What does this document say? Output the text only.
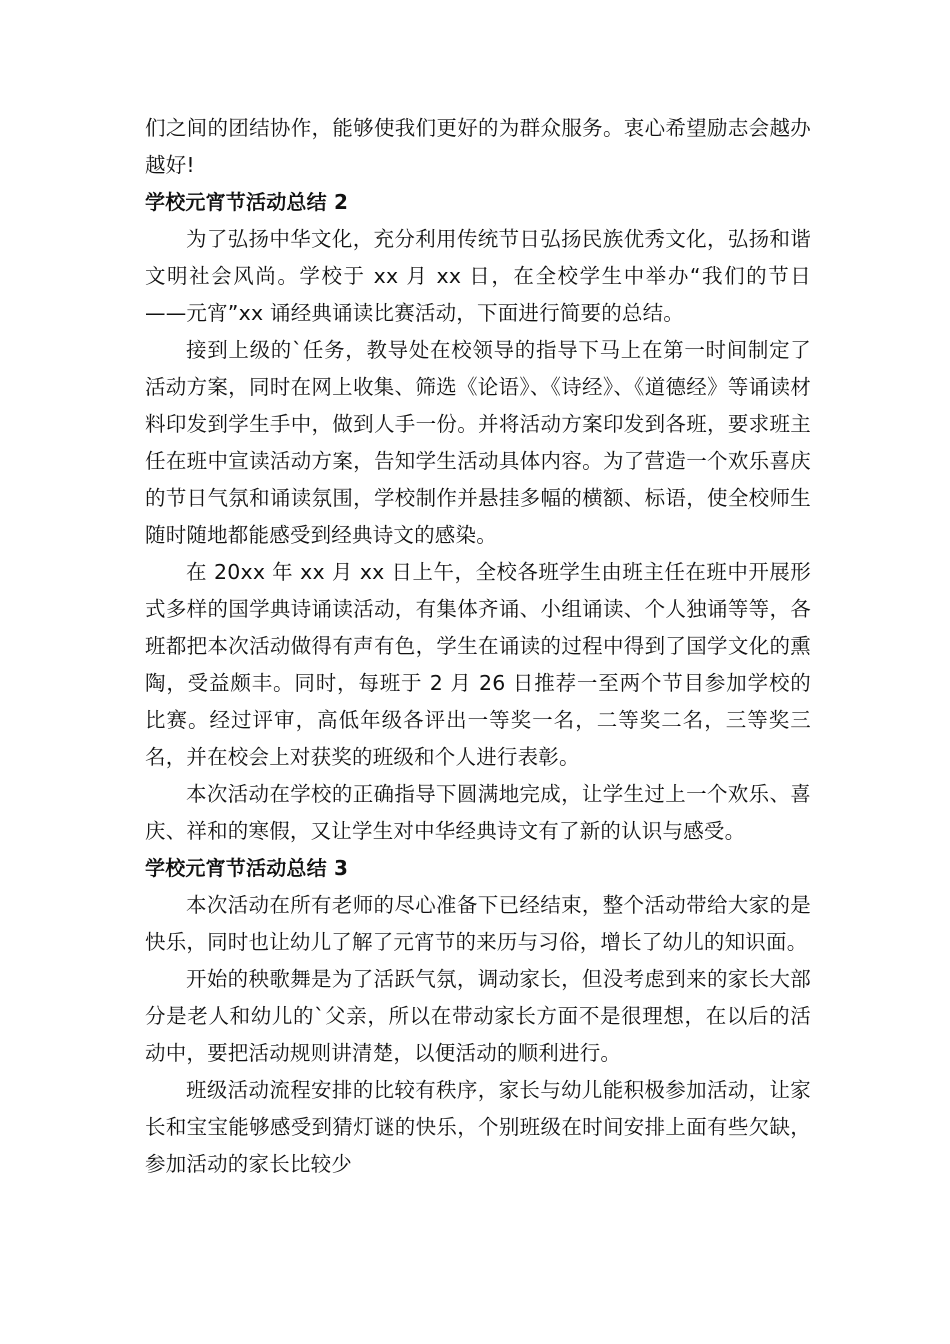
们之间的团结协作，能够使我们更好的为群众服务。衷心希望励志会越办越好!

学校元宵节活动总结 2

为了弘扬中华文化，充分利用传统节日弘扬民族优秀文化，弘扬和谐文明社会风尚。学校于 xx 月 xx 日，在全校学生中举办“我们的节日——元宵”xx 诵经典诵读比赛活动，下面进行简要的总结。

接到上级的`任务，教导处在校领导的指导下马上在第一时间制定了活动方案，同时在网上收集、筛选《论语》、《诗经》、《道德经》等诵读材料印发到学生手中，做到人手一份。并将活动方案印发到各班，要求班主任在班中宣读活动方案，告知学生活动具体内容。为了营造一个欢乐喜庆的节日气氛和诵读氛围，学校制作并悬挂多幅的横额、标语，使全校师生随时随地都能感受到经典诗文的感染。

在 20xx 年 xx 月 xx 日上午，全校各班学生由班主任在班中开展形式多样的国学典诗诵读活动，有集体齐诵、小组诵读、个人独诵等等，各班都把本次活动做得有声有色，学生在诵读的过程中得到了国学文化的熏陶，受益颇丰。同时，每班于 2 月 26 日推荐一至两个节目参加学校的比赛。经过评审，高低年级各评出一等奖一名，二等奖二名，三等奖三名，并在校会上对获奖的班级和个人进行表彰。

本次活动在学校的正确指导下圆满地完成，让学生过上一个欢乐、喜庆、祥和的寒假，又让学生对中华经典诗文有了新的认识与感受。

学校元宵节活动总结 3

本次活动在所有老师的尽心准备下已经结束，整个活动带给大家的是快乐，同时也让幼儿了解了元宵节的来历与习俗，增长了幼儿的知识面。

开始的秧歌舞是为了活跃气氛，调动家长，但没考虑到来的家长大部分是老人和幼儿的`父亲，所以在带动家长方面不是很理想，在以后的活动中，要把活动规则讲清楚，以便活动的顺利进行。

班级活动流程安排的比较有秩序，家长与幼儿能积极参加活动，让家长和宝宝能够感受到猜灯谜的快乐，个别班级在时间安排上面有些欠缺，参加活动的家长比较少
